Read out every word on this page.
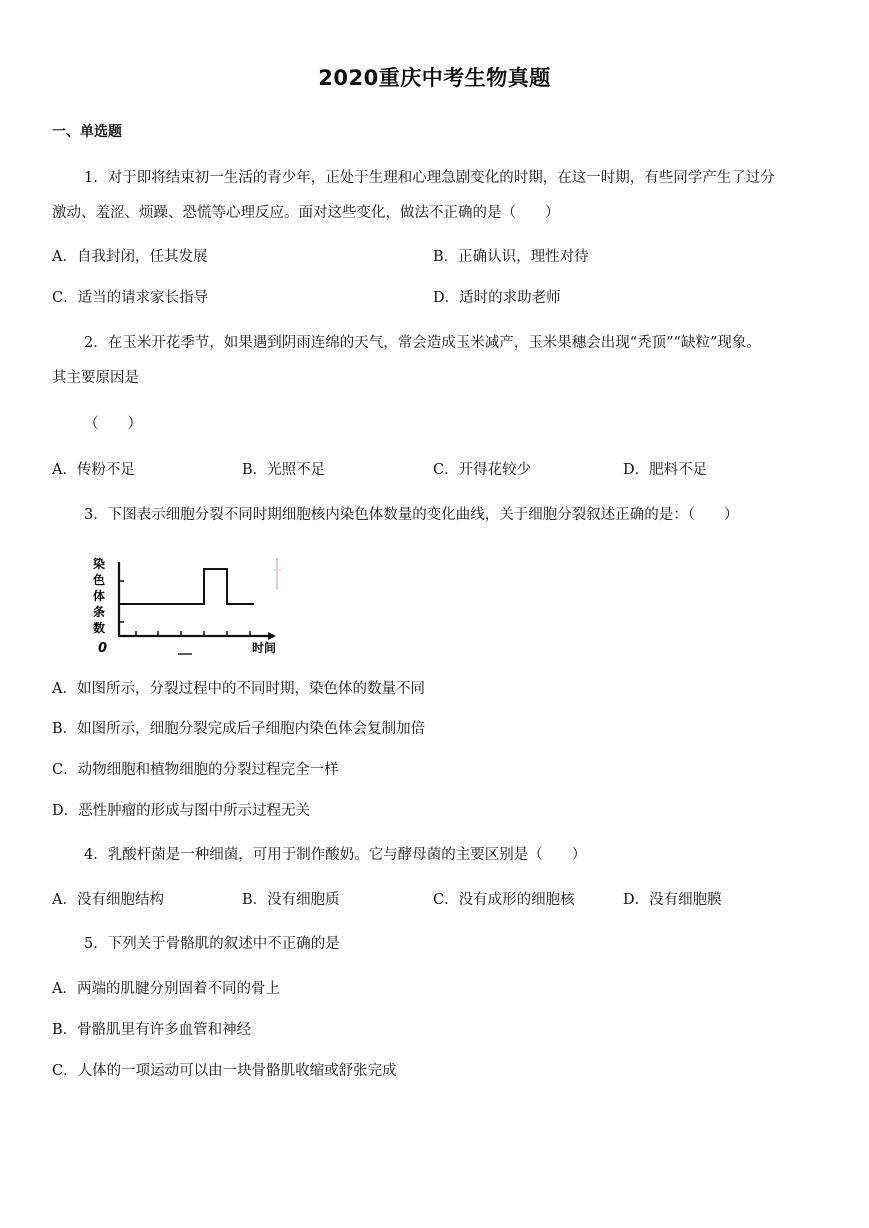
2020重庆中考生物真题
一、单选题
1．对于即将结束初一生活的青少年，正处于生理和心理急剧变化的时期，在这一时期，有些同学产生了过分
激动、羞涩、烦躁、恐慌等心理反应。面对这些变化，做法不正确的是（　　）
A．自我封闭，任其发展	B．正确认识，理性对待
C．适当的请求家长指导	D．适时的求助老师
2．在玉米开花季节，如果遇到阴雨连绵的天气，常会造成玉米减产，玉米果穗会出现“秃顶”“缺粒”现象。
其主要原因是
（　　）
A．传粉不足	B．光照不足	C．开得花较少	D．肥料不足
3．下图表示细胞分裂不同时期细胞核内染色体数量的变化曲线，关于细胞分裂叙述正确的是：（　　）
染
色
体
条
数
0	时间
A．如图所示，分裂过程中的不同时期，染色体的数量不同
B．如图所示，细胞分裂完成后子细胞内染色体会复制加倍
C．动物细胞和植物细胞的分裂过程完全一样
D．恶性肿瘤的形成与图中所示过程无关
4．乳酸杆菌是一种细菌，可用于制作酸奶。它与酵母菌的主要区别是（　　）
A．没有细胞结构	B．没有细胞质	C．没有成形的细胞核	D．没有细胞膜
5．下列关于骨骼肌的叙述中不正确的是
A．两端的肌腱分别固着不同的骨上
B．骨骼肌里有许多血管和神经
C．人体的一项运动可以由一块骨骼肌收缩或舒张完成
